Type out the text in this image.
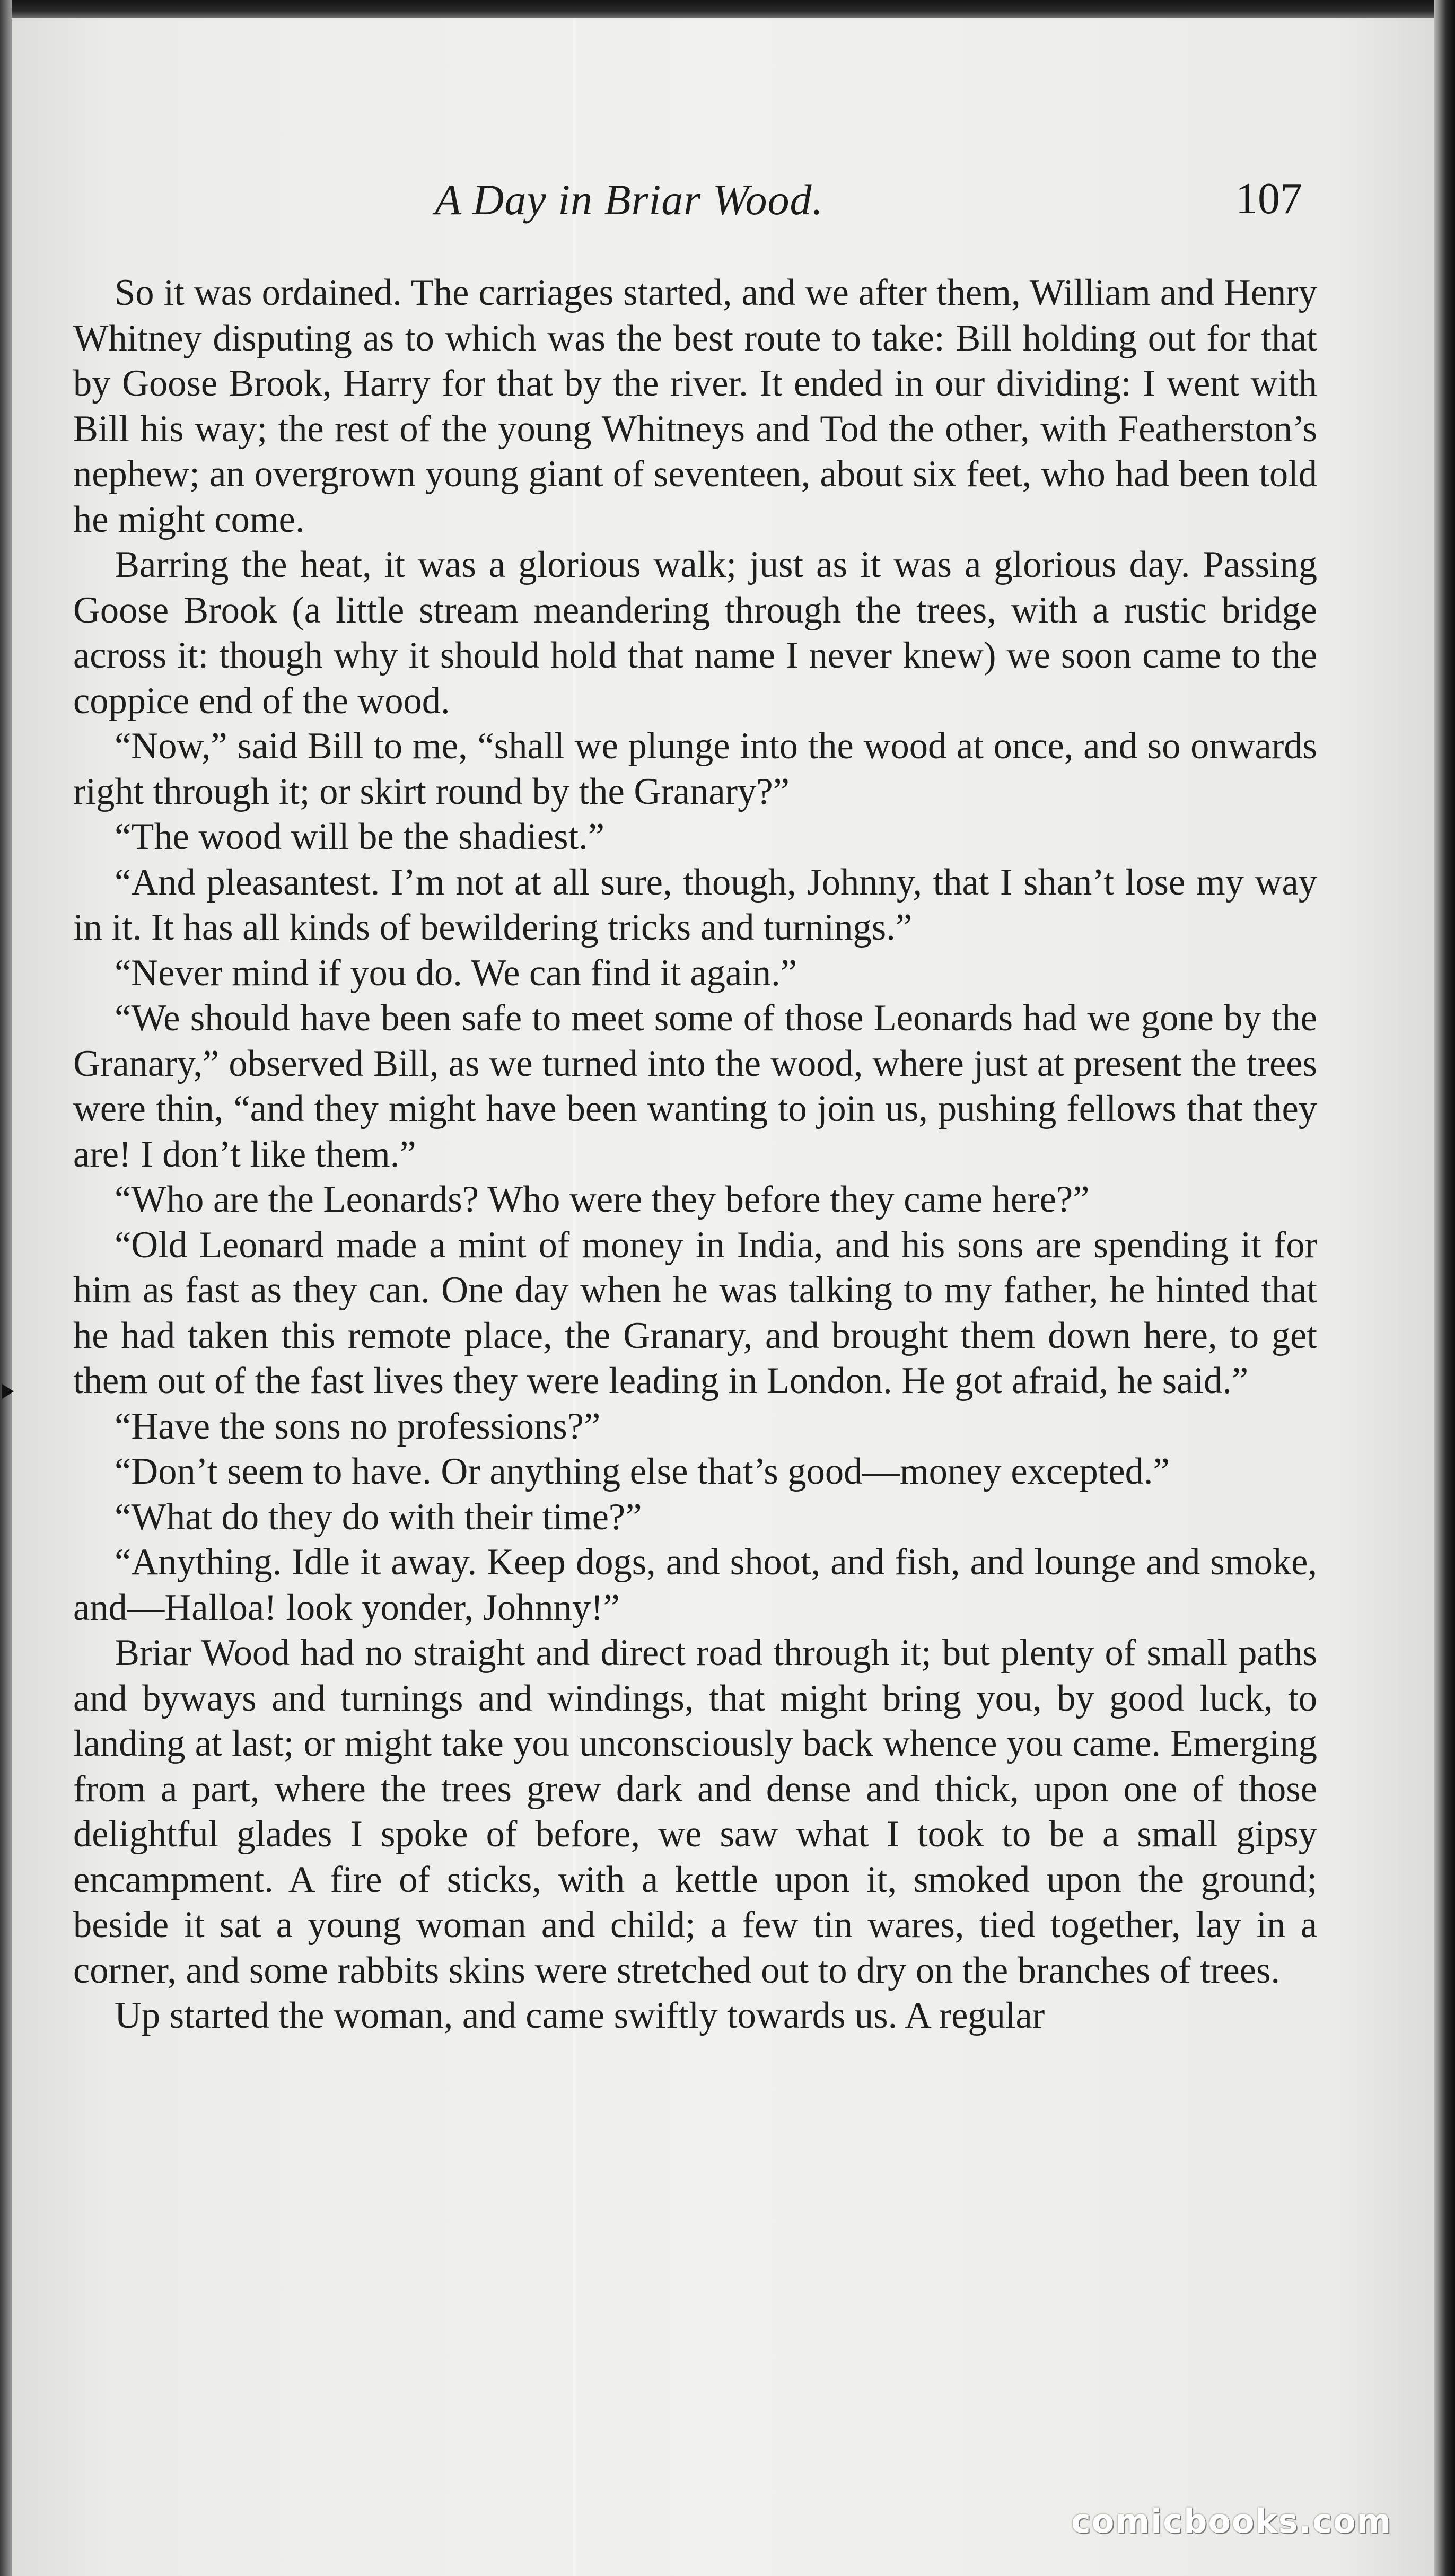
A Day in Briar Wood.	107

So it was ordained. The carriages started, and we after them, William and Henry Whitney disputing as to which was the best route to take: Bill holding out for that by Goose Brook, Harry for that by the river. It ended in our dividing: I went with Bill his way; the rest of the young Whitneys and Tod the other, with Featherston’s nephew; an overgrown young giant of seventeen, about six feet, who had been told he might come.

Barring the heat, it was a glorious walk; just as it was a glorious day. Passing Goose Brook (a little stream meandering through the trees, with a rustic bridge across it: though why it should hold that name I never knew) we soon came to the coppice end of the wood.

“Now,” said Bill to me, “shall we plunge into the wood at once, and so onwards right through it; or skirt round by the Granary?”

“The wood will be the shadiest.”

“And pleasantest. I’m not at all sure, though, Johnny, that I shan’t lose my way in it. It has all kinds of bewildering tricks and turnings.”

“Never mind if you do. We can find it again.”

“We should have been safe to meet some of those Leonards had we gone by the Granary,” observed Bill, as we turned into the wood, where just at present the trees were thin, “and they might have been wanting to join us, pushing fellows that they are! I don’t like them.”

“Who are the Leonards? Who were they before they came here?”

“Old Leonard made a mint of money in India, and his sons are spending it for him as fast as they can. One day when he was talking to my father, he hinted that he had taken this remote place, the Granary, and brought them down here, to get them out of the fast lives they were leading in London. He got afraid, he said.”

“Have the sons no professions?”

“Don’t seem to have. Or anything else that’s good—money excepted.”

“What do they do with their time?”

“Anything. Idle it away. Keep dogs, and shoot, and fish, and lounge and smoke, and—Halloa! look yonder, Johnny!”

Briar Wood had no straight and direct road through it; but plenty of small paths and byways and turnings and windings, that might bring you, by good luck, to landing at last; or might take you unconsciously back whence you came. Emerging from a part, where the trees grew dark and dense and thick, upon one of those delightful glades I spoke of before, we saw what I took to be a small gipsy encampment. A fire of sticks, with a kettle upon it, smoked upon the ground; beside it sat a young woman and child; a few tin wares, tied together, lay in a corner, and some rabbits skins were stretched out to dry on the branches of trees.

Up started the woman, and came swiftly towards us. A regular

comicbooks.com
